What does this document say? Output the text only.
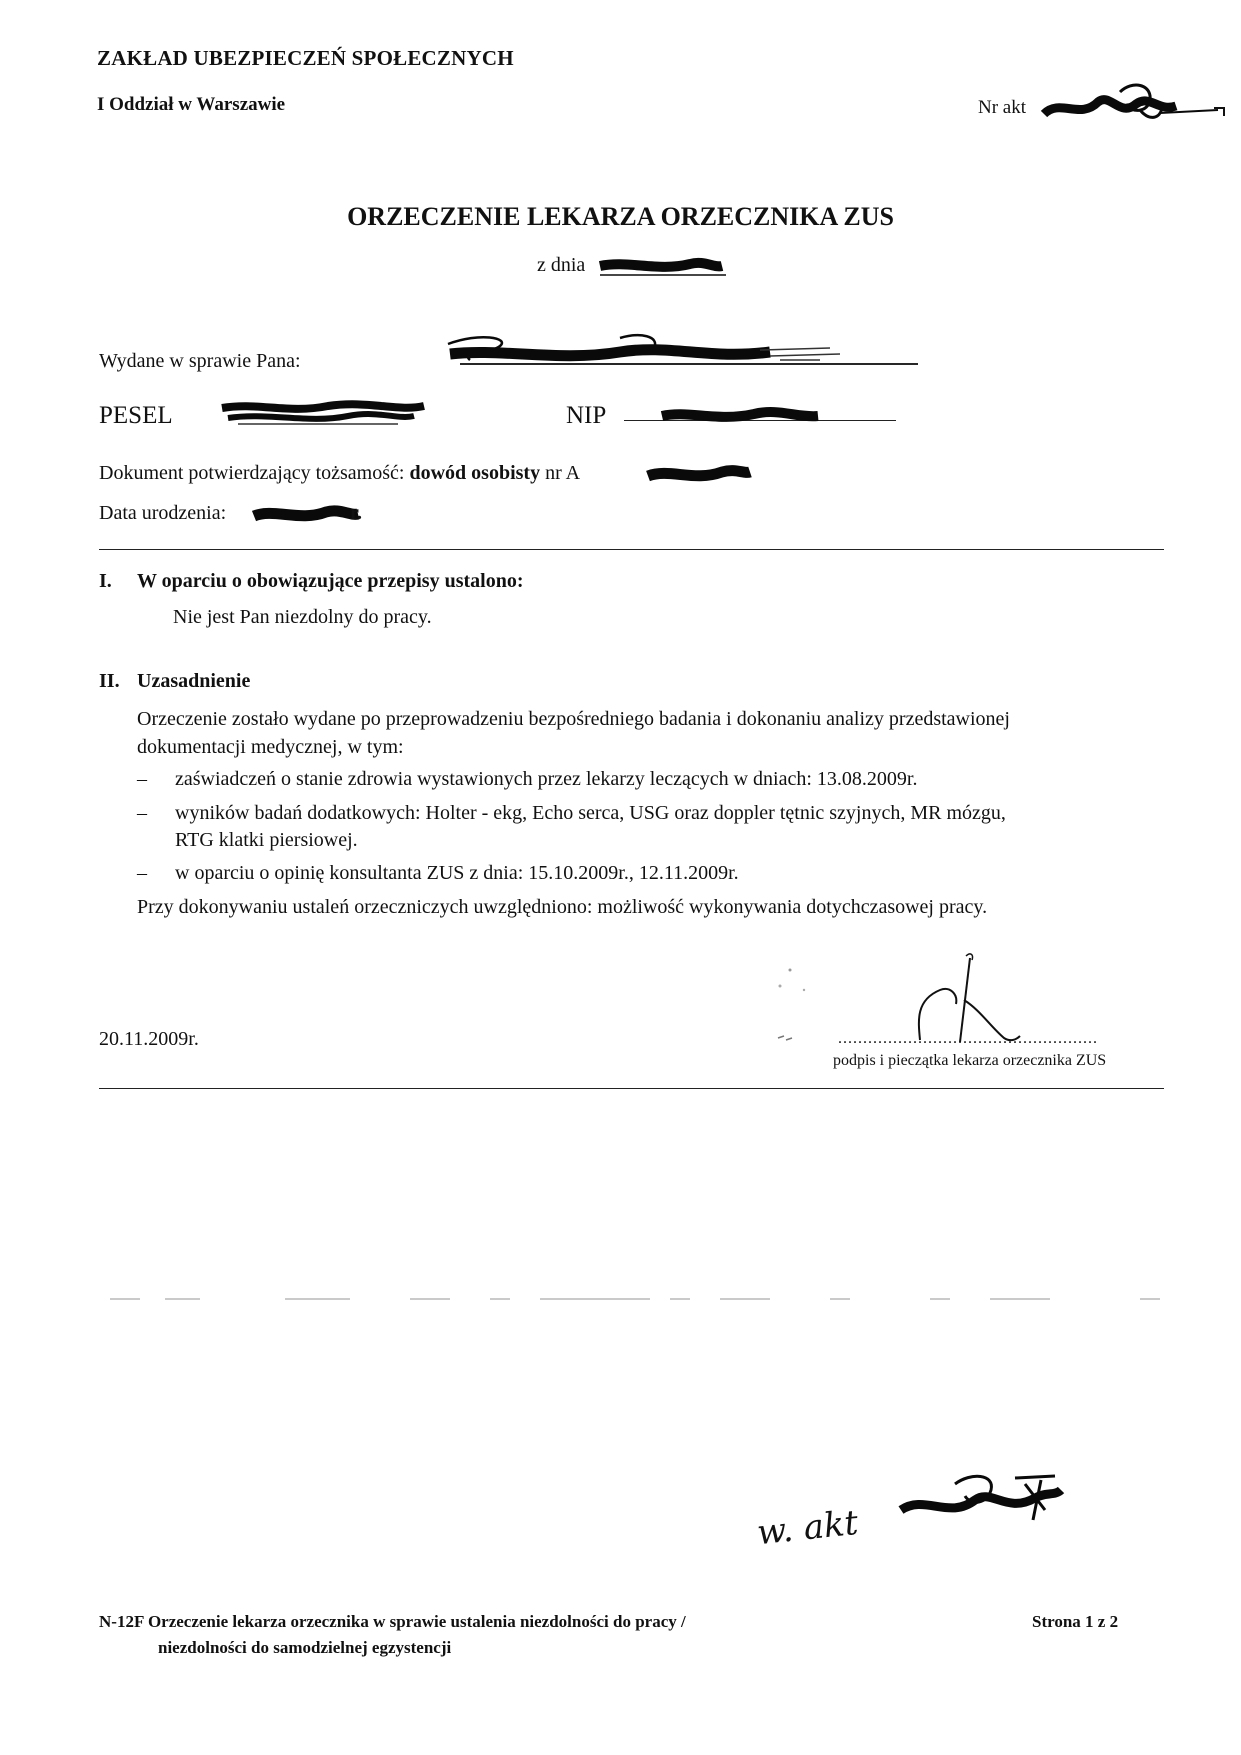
ZAKŁAD UBEZPIECZEŃ SPOŁECZNYCH
I Oddział w Warszawie	Nr akt
ORZECZENIE LEKARZA ORZECZNIKA ZUS
z dnia
Wydane w sprawie Pana:
PESEL	NIP
Dokument potwierdzający tożsamość: dowód osobisty nr A
Data urodzenia:	r.
I. W oparciu o obowiązujące przepisy ustalono:
Nie jest Pan niezdolny do pracy.
II. Uzasadnienie
Orzeczenie zostało wydane po przeprowadzeniu bezpośredniego badania i dokonaniu analizy przedstawionej
dokumentacji medycznej, w tym:
– zaświadczeń o stanie zdrowia wystawionych przez lekarzy leczących w dniach: 13.08.2009r.
– wyników badań dodatkowych: Holter - ekg, Echo serca, USG oraz doppler tętnic szyjnych, MR mózgu,
RTG klatki piersiowej.
– w oparciu o opinię konsultanta ZUS z dnia: 15.10.2009r., 12.11.2009r.
Przy dokonywaniu ustaleń orzeczniczych uwzględniono: możliwość wykonywania dotychczasowej pracy.
20.11.2009r.	....................................................
podpis i pieczątka lekarza orzecznika ZUS
w. akt
N-12F Orzeczenie lekarza orzecznika w sprawie ustalenia niezdolności do pracy /
niezdolności do samodzielnej egzystencji
Strona 1 z 2
